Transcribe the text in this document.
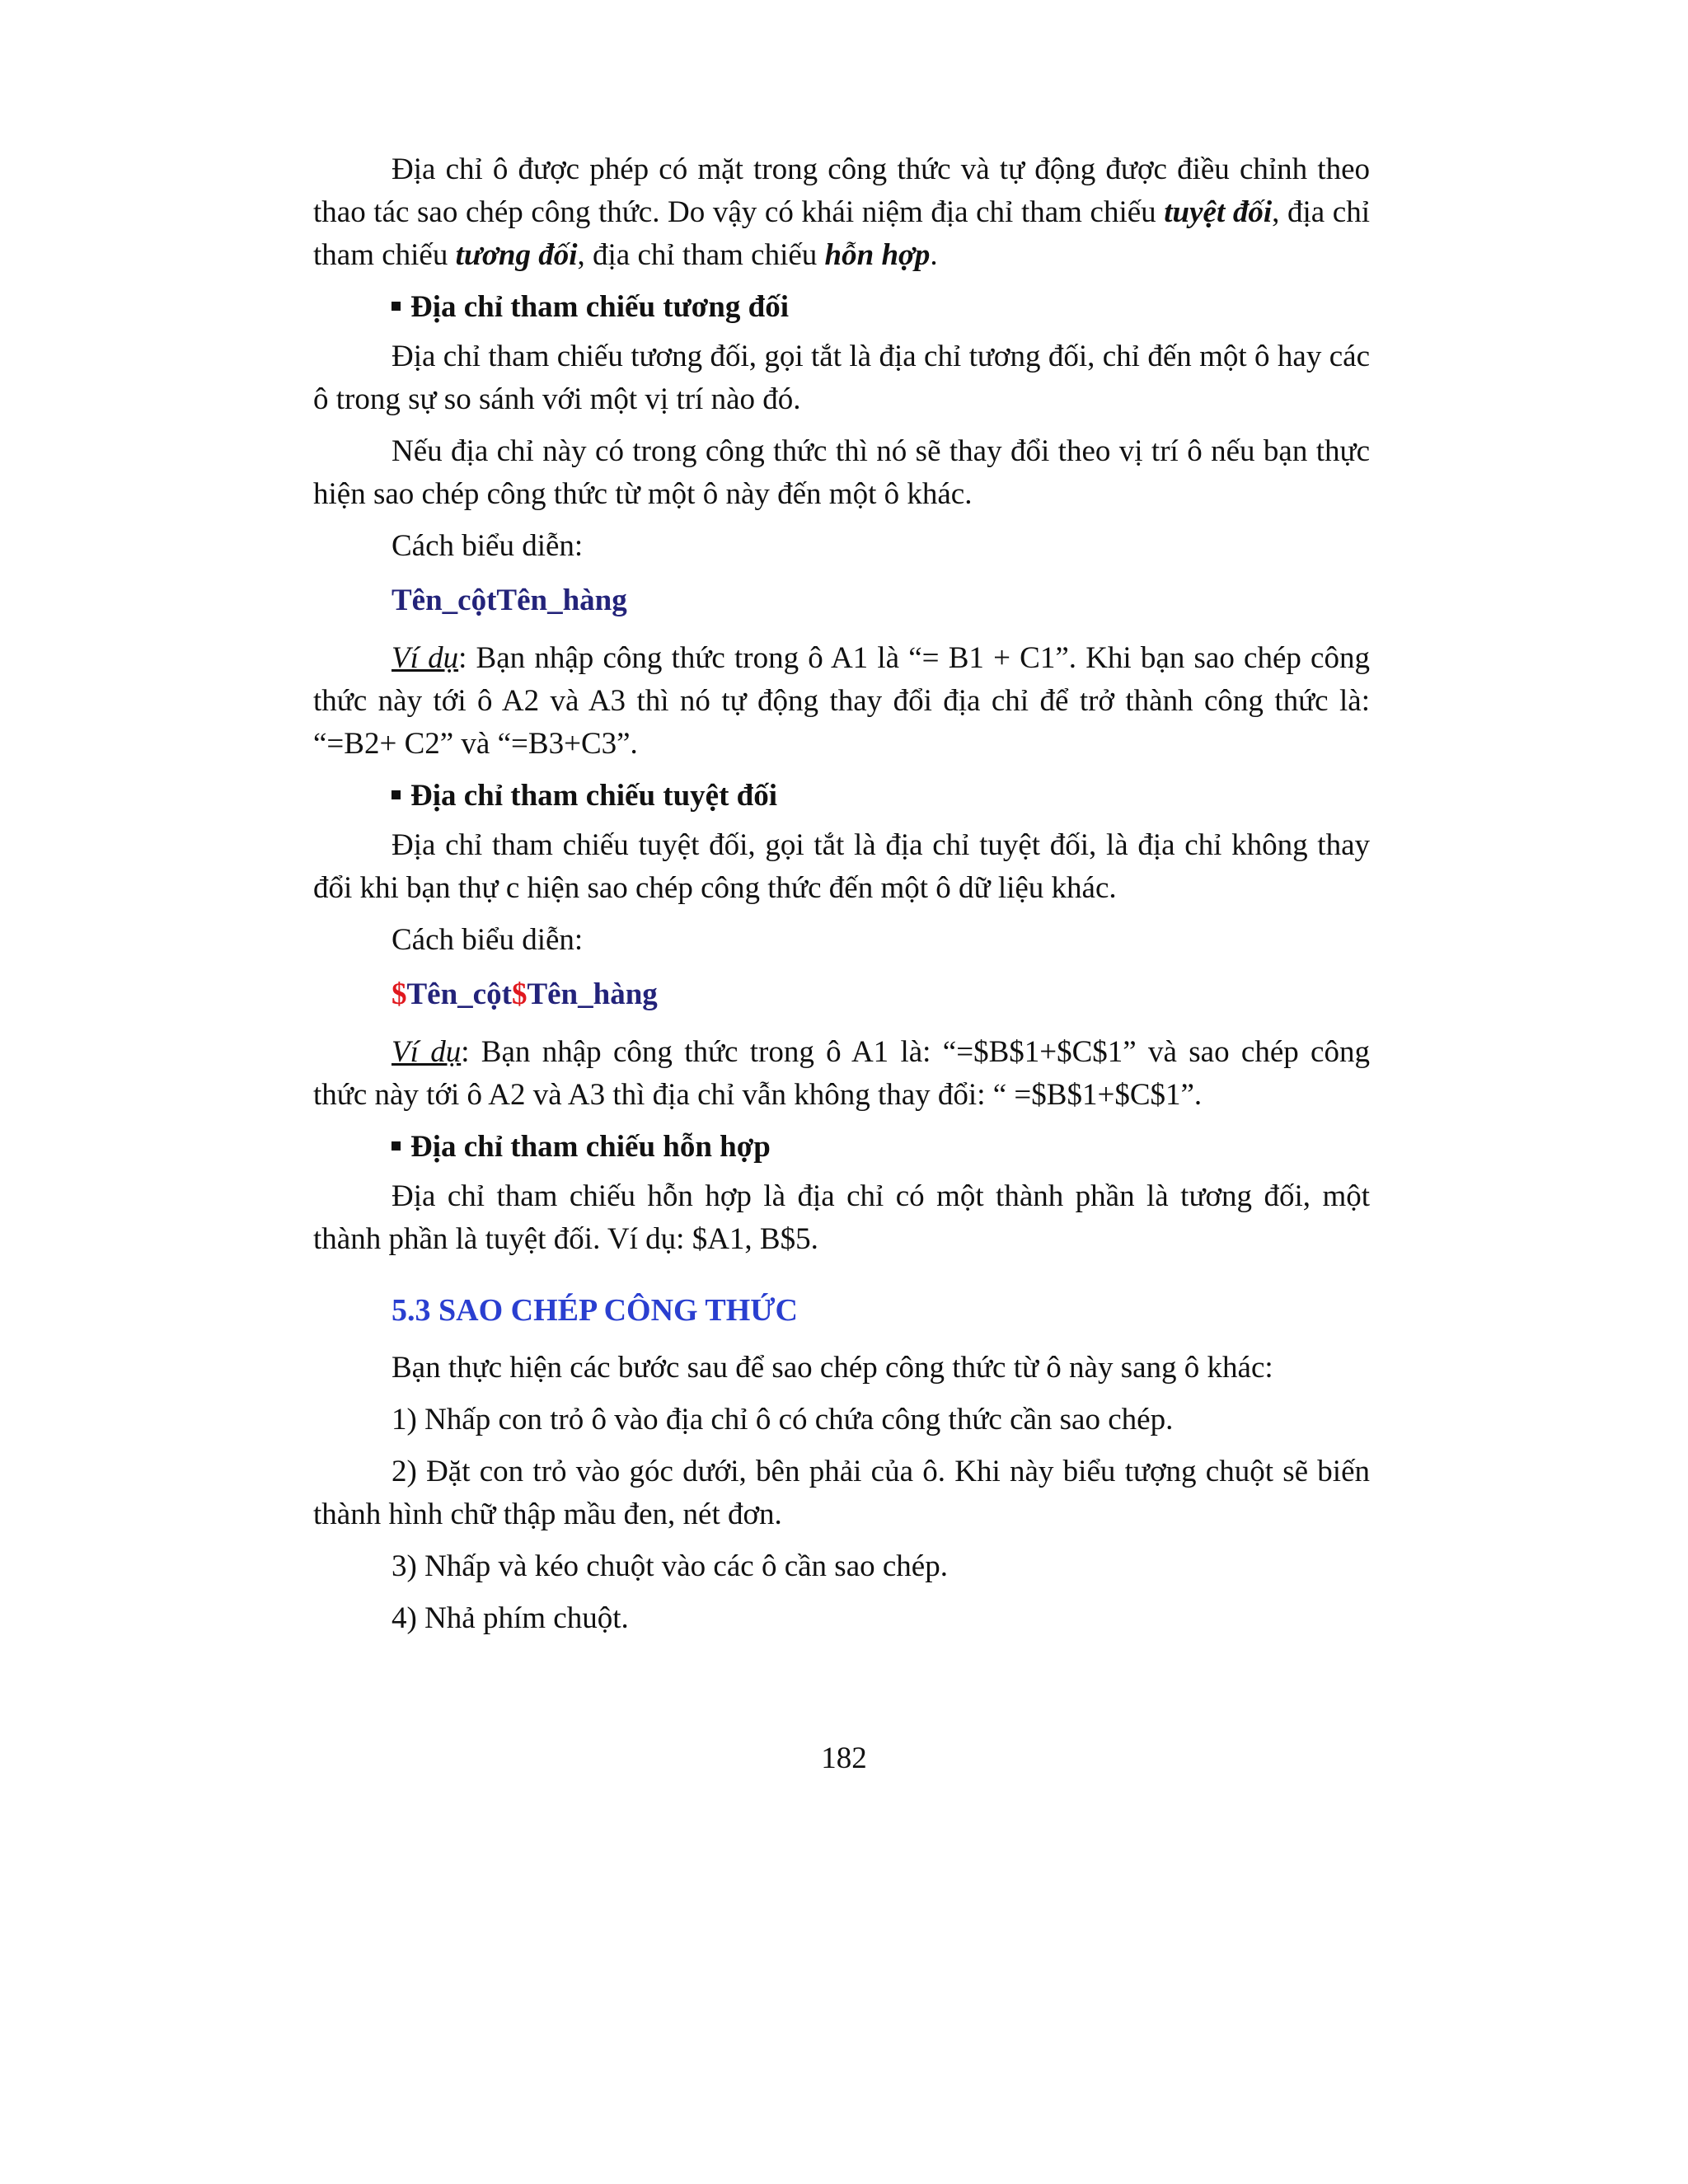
Địa chỉ ô được phép có mặt trong công thức và tự động được điều chỉnh theo thao tác sao chép công thức. Do vậy có khái niệm địa chỉ tham chiếu tuyệt đối, địa chỉ tham chiếu tương đối, địa chỉ tham chiếu hỗn hợp.

Địa chỉ tham chiếu tương đối

Địa chỉ tham chiếu tương đối, gọi tắt là địa chỉ tương đối, chỉ đến một ô hay các ô trong sự so sánh với một vị trí nào đó.

Nếu địa chỉ này có trong công thức thì nó sẽ thay đổi theo vị trí ô nếu bạn thực hiện sao chép công thức từ một ô này đến một ô khác.

Cách biểu diễn:

Tên_cộtTên_hàng

Ví dụ: Bạn nhập công thức trong ô A1 là “= B1 + C1”. Khi bạn sao chép công thức này tới ô A2 và A3 thì nó tự động thay đổi địa chỉ để trở thành công thức là: “=B2+ C2” và “=B3+C3”.

Địa chỉ tham chiếu tuyệt đối

Địa chỉ tham chiếu tuyệt đối, gọi tắt là địa chỉ tuyệt đối, là địa chỉ không thay đổi khi bạn thự c hiện sao chép công thức đến một ô dữ liệu khác.

Cách biểu diễn:

$Tên_cột$Tên_hàng

Ví dụ: Bạn nhập công thức trong ô A1 là: “=$B$1+$C$1” và sao chép công thức này tới ô A2 và A3 thì địa chỉ vẫn không thay đổi: “ =$B$1+$C$1”.

Địa chỉ tham chiếu hỗn hợp

Địa chỉ tham chiếu hỗn hợp là địa chỉ có một thành phần là tương đối, một thành phần là tuyệt đối. Ví dụ: $A1, B$5.

5.3 SAO CHÉP CÔNG THỨC

Bạn thực hiện các bước sau để sao chép công thức từ ô này sang ô khác:

1) Nhấp con trỏ ô vào địa chỉ ô có chứa công thức cần sao chép.

2) Đặt con trỏ vào góc dưới, bên phải của ô. Khi này biểu tượng chuột sẽ biến thành hình chữ thập mầu đen, nét đơn.

3) Nhấp và kéo chuột vào các ô cần sao chép.

4) Nhả phím chuột.

182
